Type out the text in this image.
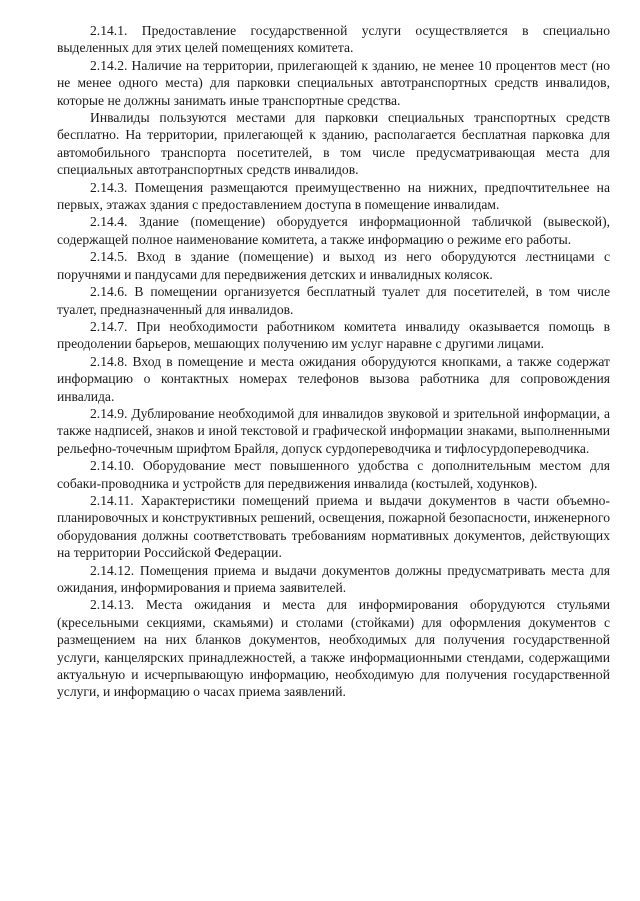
2.14.1. Предоставление государственной услуги осуществляется в специально выделенных для этих целей помещениях комитета.

2.14.2. Наличие на территории, прилегающей к зданию, не менее 10 процентов мест (но не менее одного места) для парковки специальных автотранспортных средств инвалидов, которые не должны занимать иные транспортные средства.

Инвалиды пользуются местами для парковки специальных транспортных средств бесплатно. На территории, прилегающей к зданию, располагается бесплатная парковка для автомобильного транспорта посетителей, в том числе предусматривающая места для специальных автотранспортных средств инвалидов.

2.14.3. Помещения размещаются преимущественно на нижних, предпочтительнее на первых, этажах здания с предоставлением доступа в помещение инвалидам.

2.14.4. Здание (помещение) оборудуется информационной табличкой (вывеской), содержащей полное наименование комитета, а также информацию о режиме его работы.

2.14.5. Вход в здание (помещение) и выход из него оборудуются лестницами с поручнями и пандусами для передвижения детских и инвалидных колясок.

2.14.6. В помещении организуется бесплатный туалет для посетителей, в том числе туалет, предназначенный для инвалидов.

2.14.7. При необходимости работником комитета инвалиду оказывается помощь в преодолении барьеров, мешающих получению им услуг наравне с другими лицами.

2.14.8. Вход в помещение и места ожидания оборудуются кнопками, а также содержат информацию о контактных номерах телефонов вызова работника для сопровождения инвалида.

2.14.9. Дублирование необходимой для инвалидов звуковой и зрительной информации, а также надписей, знаков и иной текстовой и графической информации знаками, выполненными рельефно-точечным шрифтом Брайля, допуск сурдопереводчика и тифлосурдопереводчика.

2.14.10. Оборудование мест повышенного удобства с дополнительным местом для собаки-проводника и устройств для передвижения инвалида (костылей, ходунков).

2.14.11. Характеристики помещений приема и выдачи документов в части объемно-планировочных и конструктивных решений, освещения, пожарной безопасности, инженерного оборудования должны соответствовать требованиям нормативных документов, действующих на территории Российской Федерации.

2.14.12. Помещения приема и выдачи документов должны предусматривать места для ожидания, информирования и приема заявителей.

2.14.13. Места ожидания и места для информирования оборудуются стульями (кресельными секциями, скамьями) и столами (стойками) для оформления документов с размещением на них бланков документов, необходимых для получения государственной услуги, канцелярских принадлежностей, а также информационными стендами, содержащими актуальную и исчерпывающую информацию, необходимую для получения государственной услуги, и информацию о часах приема заявлений.
